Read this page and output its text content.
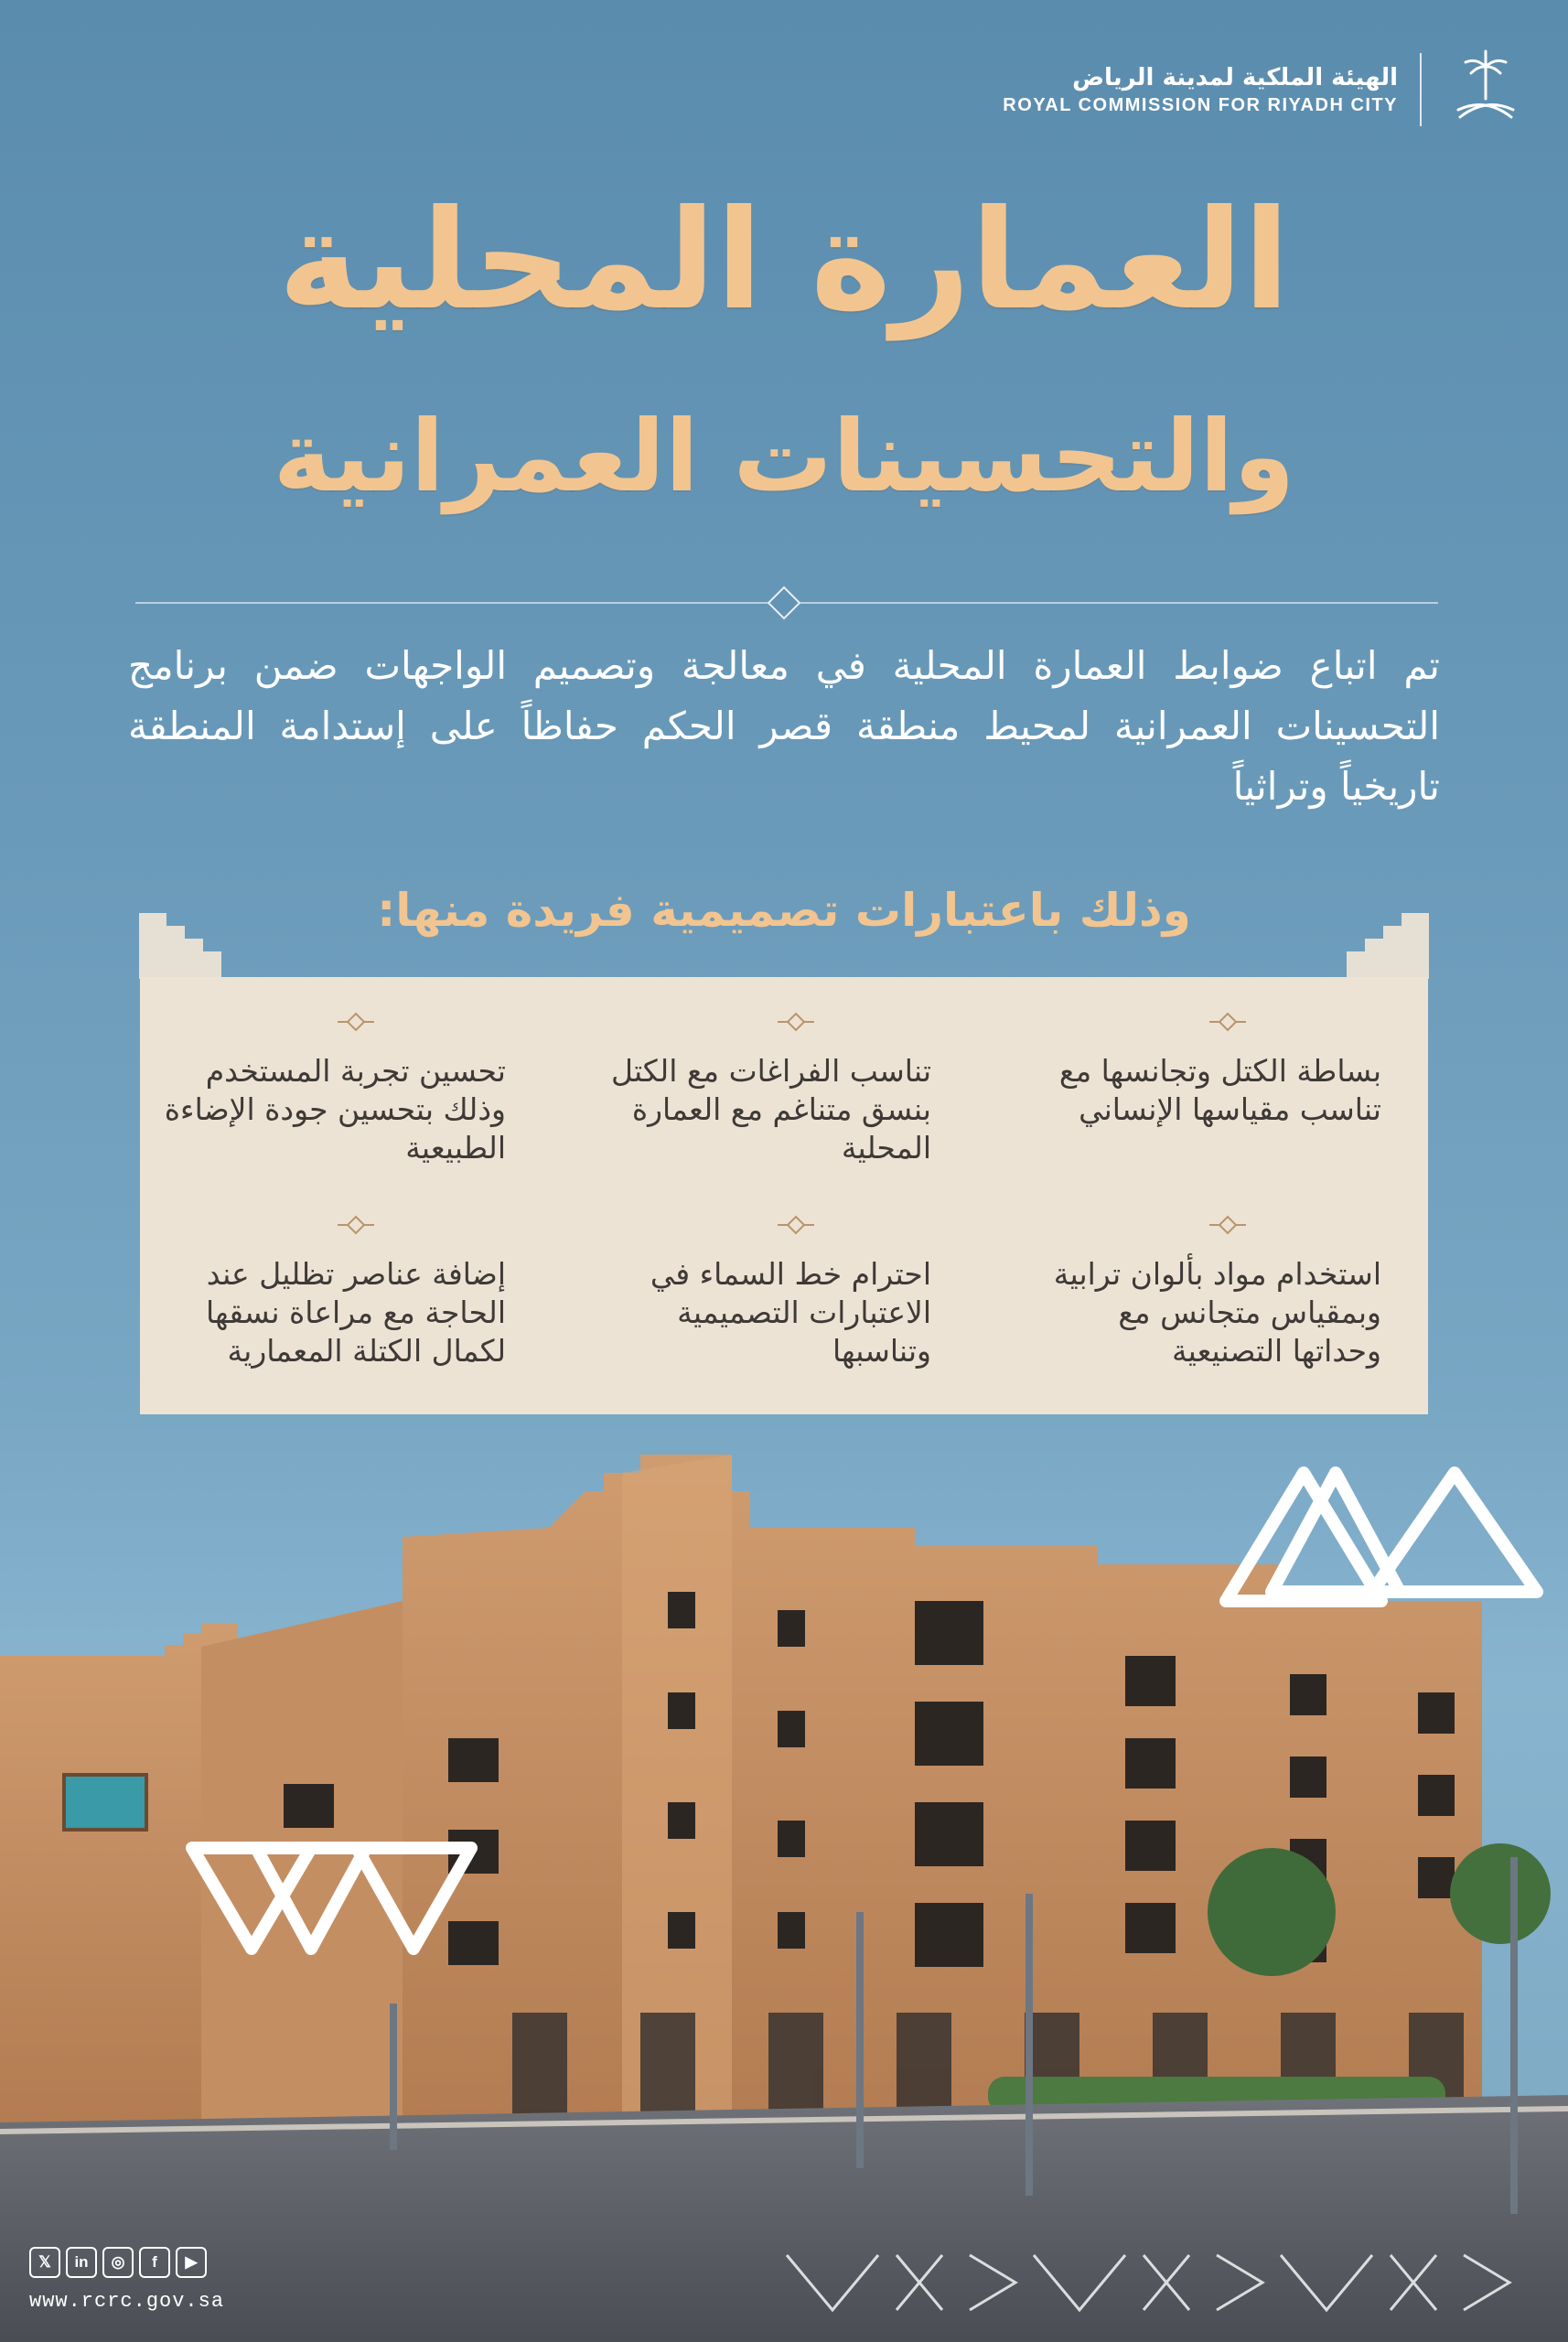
الهيئة الملكية لمدينة الرياض
ROYAL COMMISSION FOR RIYADH CITY
العمارة المحلية
والتحسينات العمرانية
تم اتباع ضوابط العمارة المحلية في معالجة وتصميم الواجهات ضمن برنامج التحسينات العمرانية لمحيط منطقة قصر الحكم حفاظاً على إستدامة المنطقة تاريخياً وتراثياً
وذلك باعتبارات تصميمية فريدة منها:
بساطة الكتل وتجانسها مع تناسب مقياسها الإنساني
تناسب الفراغات مع الكتل بنسق متناغم مع العمارة المحلية
تحسين تجربة المستخدم وذلك بتحسين جودة الإضاءة الطبيعية
استخدام مواد بألوان ترابية وبمقياس متجانس مع وحداتها التصنيعية
احترام خط السماء في الاعتبارات التصميمية وتناسبها
إضافة عناصر تظليل عند الحاجة مع مراعاة نسقها لكمال الكتلة المعمارية
𝕏	in	◎	f	▶
www.rcrc.gov.sa
